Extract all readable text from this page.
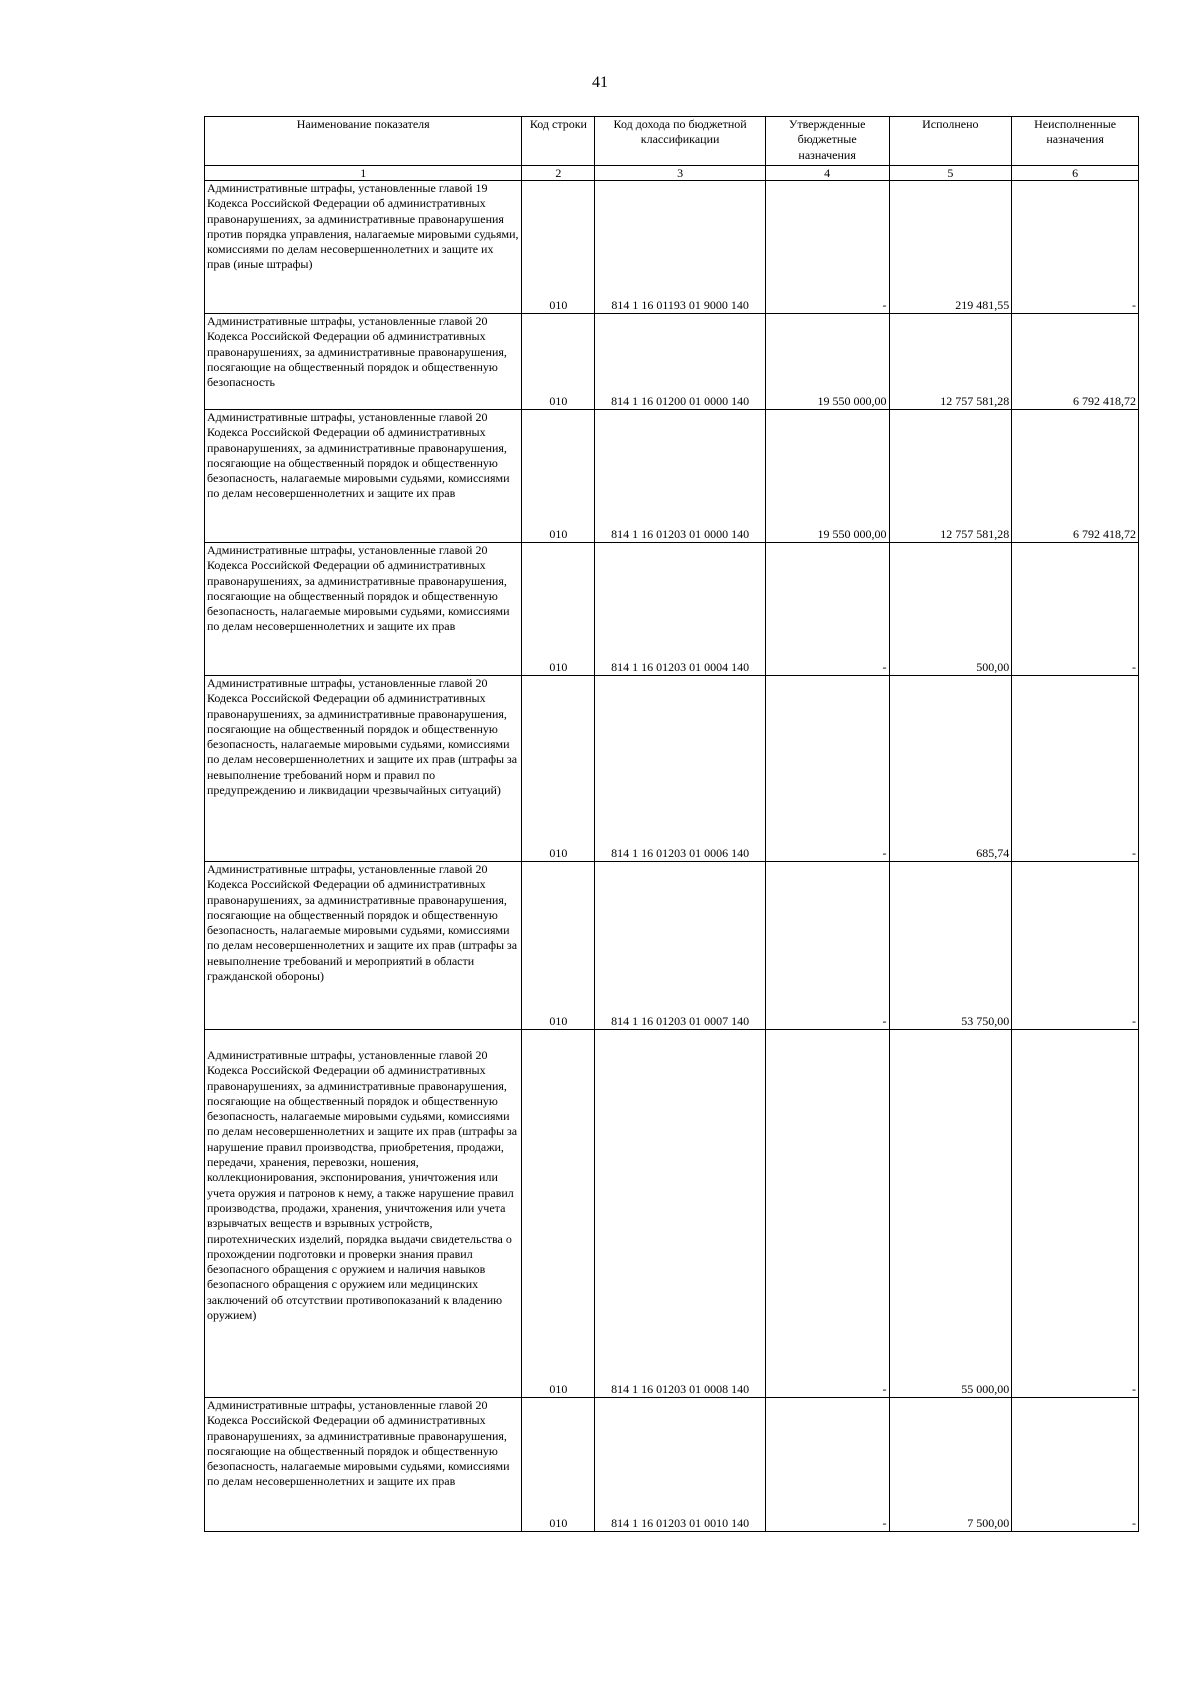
41
Наименование показателя	Код строки	Код дохода по бюджетной классификации	Утвержденные бюджетные назначения	Исполнено	Неисполненные назначения
1	2	3	4	5	6
Административные штрафы, установленные главой 19 Кодекса Российской Федерации об административных правонарушениях, за административные правонарушения против порядка управления, налагаемые мировыми судьями, комиссиями по делам несовершеннолетних и защите их прав (иные штрафы)	010	814 1 16 01193 01 9000 140	-	219 481,55	-
Административные штрафы, установленные главой 20 Кодекса Российской Федерации об административных правонарушениях, за административные правонарушения, посягающие на общественный порядок и общественную безопасность	010	814 1 16 01200 01 0000 140	19 550 000,00	12 757 581,28	6 792 418,72
Административные штрафы, установленные главой 20 Кодекса Российской Федерации об административных правонарушениях, за административные правонарушения, посягающие на общественный порядок и общественную безопасность, налагаемые мировыми судьями, комиссиями по делам несовершеннолетних и защите их прав	010	814 1 16 01203 01 0000 140	19 550 000,00	12 757 581,28	6 792 418,72
Административные штрафы, установленные главой 20 Кодекса Российской Федерации об административных правонарушениях, за административные правонарушения, посягающие на общественный порядок и общественную безопасность, налагаемые мировыми судьями, комиссиями по делам несовершеннолетних и защите их прав	010	814 1 16 01203 01 0004 140	-	500,00	-
Административные штрафы, установленные главой 20 Кодекса Российской Федерации об административных правонарушениях, за административные правонарушения, посягающие на общественный порядок и общественную безопасность, налагаемые мировыми судьями, комиссиями по делам несовершеннолетних и защите их прав (штрафы за невыполнение требований норм и правил по предупреждению и ликвидации чрезвычайных ситуаций)	010	814 1 16 01203 01 0006 140	-	685,74	-
Административные штрафы, установленные главой 20 Кодекса Российской Федерации об административных правонарушениях, за административные правонарушения, посягающие на общественный порядок и общественную безопасность, налагаемые мировыми судьями, комиссиями по делам несовершеннолетних и защите их прав (штрафы за невыполнение требований и мероприятий в области гражданской обороны)	010	814 1 16 01203 01 0007 140	-	53 750,00	-
Административные штрафы, установленные главой 20 Кодекса Российской Федерации об административных правонарушениях, за административные правонарушения, посягающие на общественный порядок и общественную безопасность, налагаемые мировыми судьями, комиссиями по делам несовершеннолетних и защите их прав (штрафы за нарушение правил производства, приобретения, продажи, передачи, хранения, перевозки, ношения, коллекционирования, экспонирования, уничтожения или учета оружия и патронов к нему, а также нарушение правил производства, продажи, хранения, уничтожения или учета взрывчатых веществ и взрывных устройств, пиротехнических изделий, порядка выдачи свидетельства о прохождении подготовки и проверки знания правил безопасного обращения с оружием и наличия навыков безопасного обращения с оружием или медицинских заключений об отсутствии противопоказаний к владению оружием)	010	814 1 16 01203 01 0008 140	-	55 000,00	-
Административные штрафы, установленные главой 20 Кодекса Российской Федерации об административных правонарушениях, за административные правонарушения, посягающие на общественный порядок и общественную безопасность, налагаемые мировыми судьями, комиссиями по делам несовершеннолетних и защите их прав	010	814 1 16 01203 01 0010 140	-	7 500,00	-
